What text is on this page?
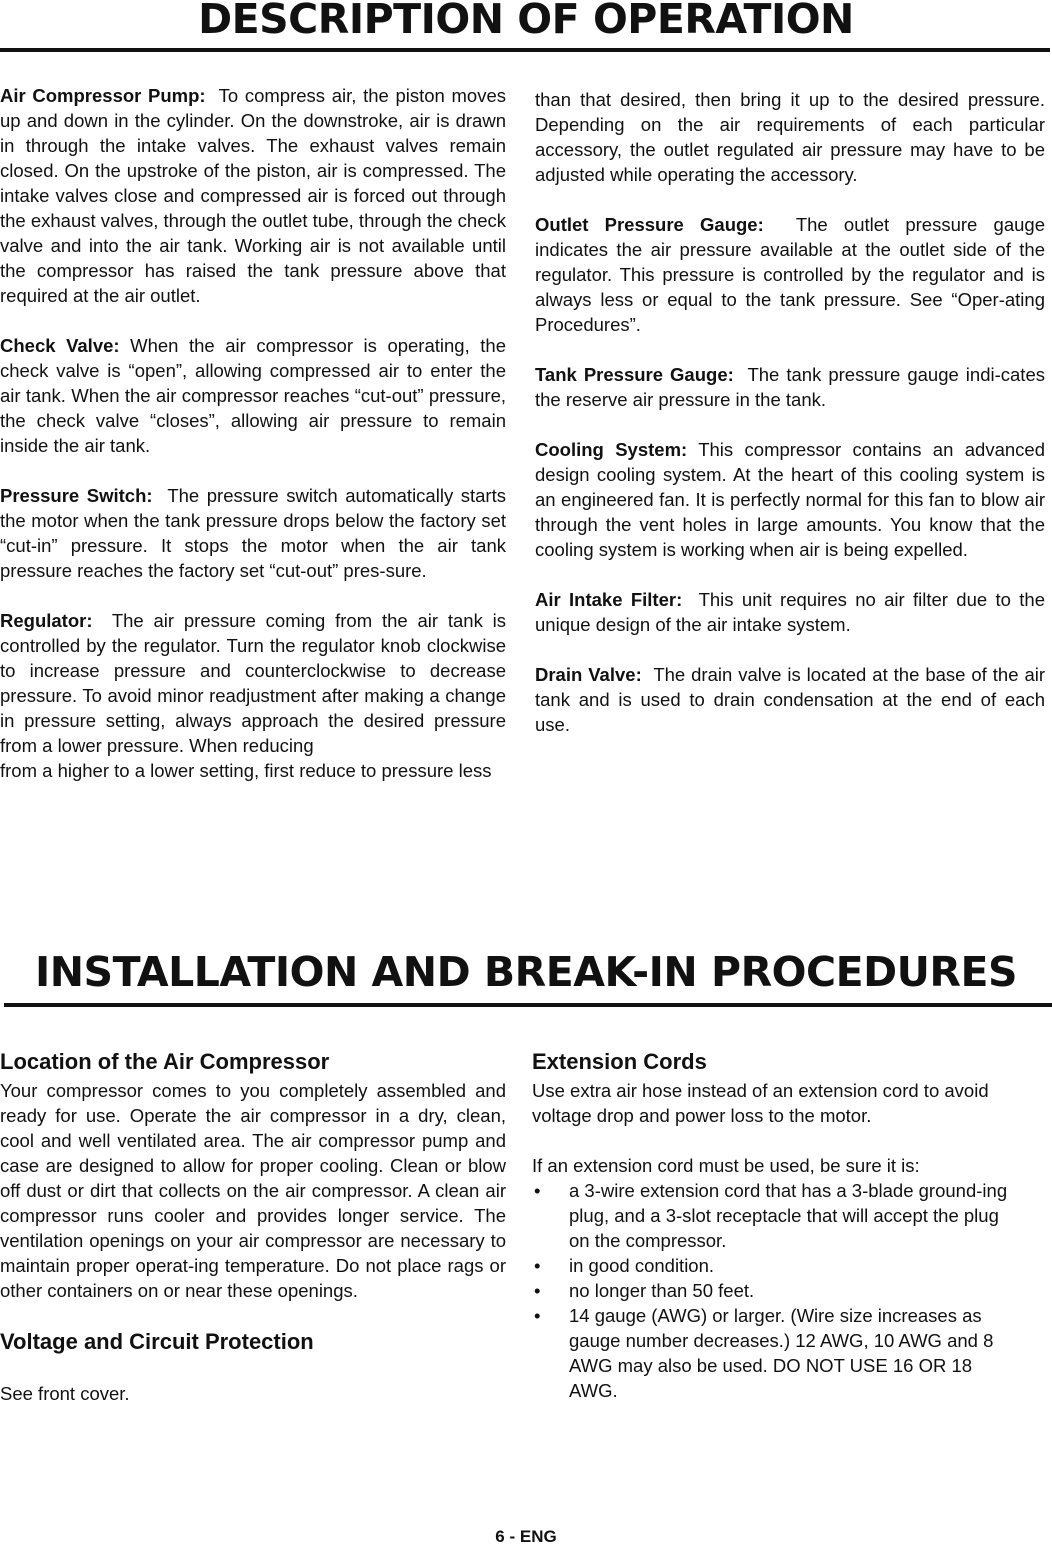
DESCRIPTION OF OPERATION

Air Compressor Pump: To compress air, the piston moves up and down in the cylinder. On the downstroke, air is drawn in through the intake valves. The exhaust valves remain closed. On the upstroke of the piston, air is compressed. The intake valves close and compressed air is forced out through the exhaust valves, through the outlet tube, through the check valve and into the air tank. Working air is not available until the compressor has raised the tank pressure above that required at the air outlet.

Check Valve: When the air compressor is operating, the check valve is “open”, allowing compressed air to enter the air tank. When the air compressor reaches “cut-out” pressure, the check valve “closes”, allowing air pressure to remain inside the air tank.

Pressure Switch: The pressure switch automatically starts the motor when the tank pressure drops below the factory set “cut-in” pressure. It stops the motor when the air tank pressure reaches the factory set “cut-out” pres-sure.

Regulator: The air pressure coming from the air tank is controlled by the regulator. Turn the regulator knob clockwise to increase pressure and counterclockwise to decrease pressure. To avoid minor readjustment after making a change in pressure setting, always approach the desired pressure from a lower pressure. When reducing

from a higher to a lower setting, first reduce to pressure less

than that desired, then bring it up to the desired pressure. Depending on the air requirements of each particular accessory, the outlet regulated air pressure may have to be adjusted while operating the accessory.

Outlet Pressure Gauge: The outlet pressure gauge indicates the air pressure available at the outlet side of the regulator. This pressure is controlled by the regulator and is always less or equal to the tank pressure. See “Oper-ating Procedures”.

Tank Pressure Gauge: The tank pressure gauge indi-cates the reserve air pressure in the tank.

Cooling System: This compressor contains an advanced design cooling system. At the heart of this cooling system is an engineered fan. It is perfectly normal for this fan to blow air through the vent holes in large amounts. You know that the cooling system is working when air is being expelled.

Air Intake Filter: This unit requires no air filter due to the unique design of the air intake system.

Drain Valve: The drain valve is located at the base of the air tank and is used to drain condensation at the end of each use.

INSTALLATION AND BREAK-IN PROCEDURES
Location of the Air Compressor

Your compressor comes to you completely assembled and ready for use. Operate the air compressor in a dry, clean, cool and well ventilated area. The air compressor pump and case are designed to allow for proper cooling. Clean or blow off dust or dirt that collects on the air compressor. A clean air compressor runs cooler and provides longer service. The ventilation openings on your air compressor are necessary to maintain proper operat-ing temperature. Do not place rags or other containers on or near these openings.

Voltage and Circuit Protection

See front cover.

Extension Cords

Use extra air hose instead of an extension cord to avoid voltage drop and power loss to the motor.

If an extension cord must be used, be sure it is:

• a 3-wire extension cord that has a 3-blade ground-ing plug, and a 3-slot receptacle that will accept the plug on the compressor.
• in good condition.
• no longer than 50 feet.
• 14 gauge (AWG) or larger. (Wire size increases as gauge number decreases.) 12 AWG, 10 AWG and 8 AWG may also be used. DO NOT USE 16 OR 18 AWG.
6 - ENG
